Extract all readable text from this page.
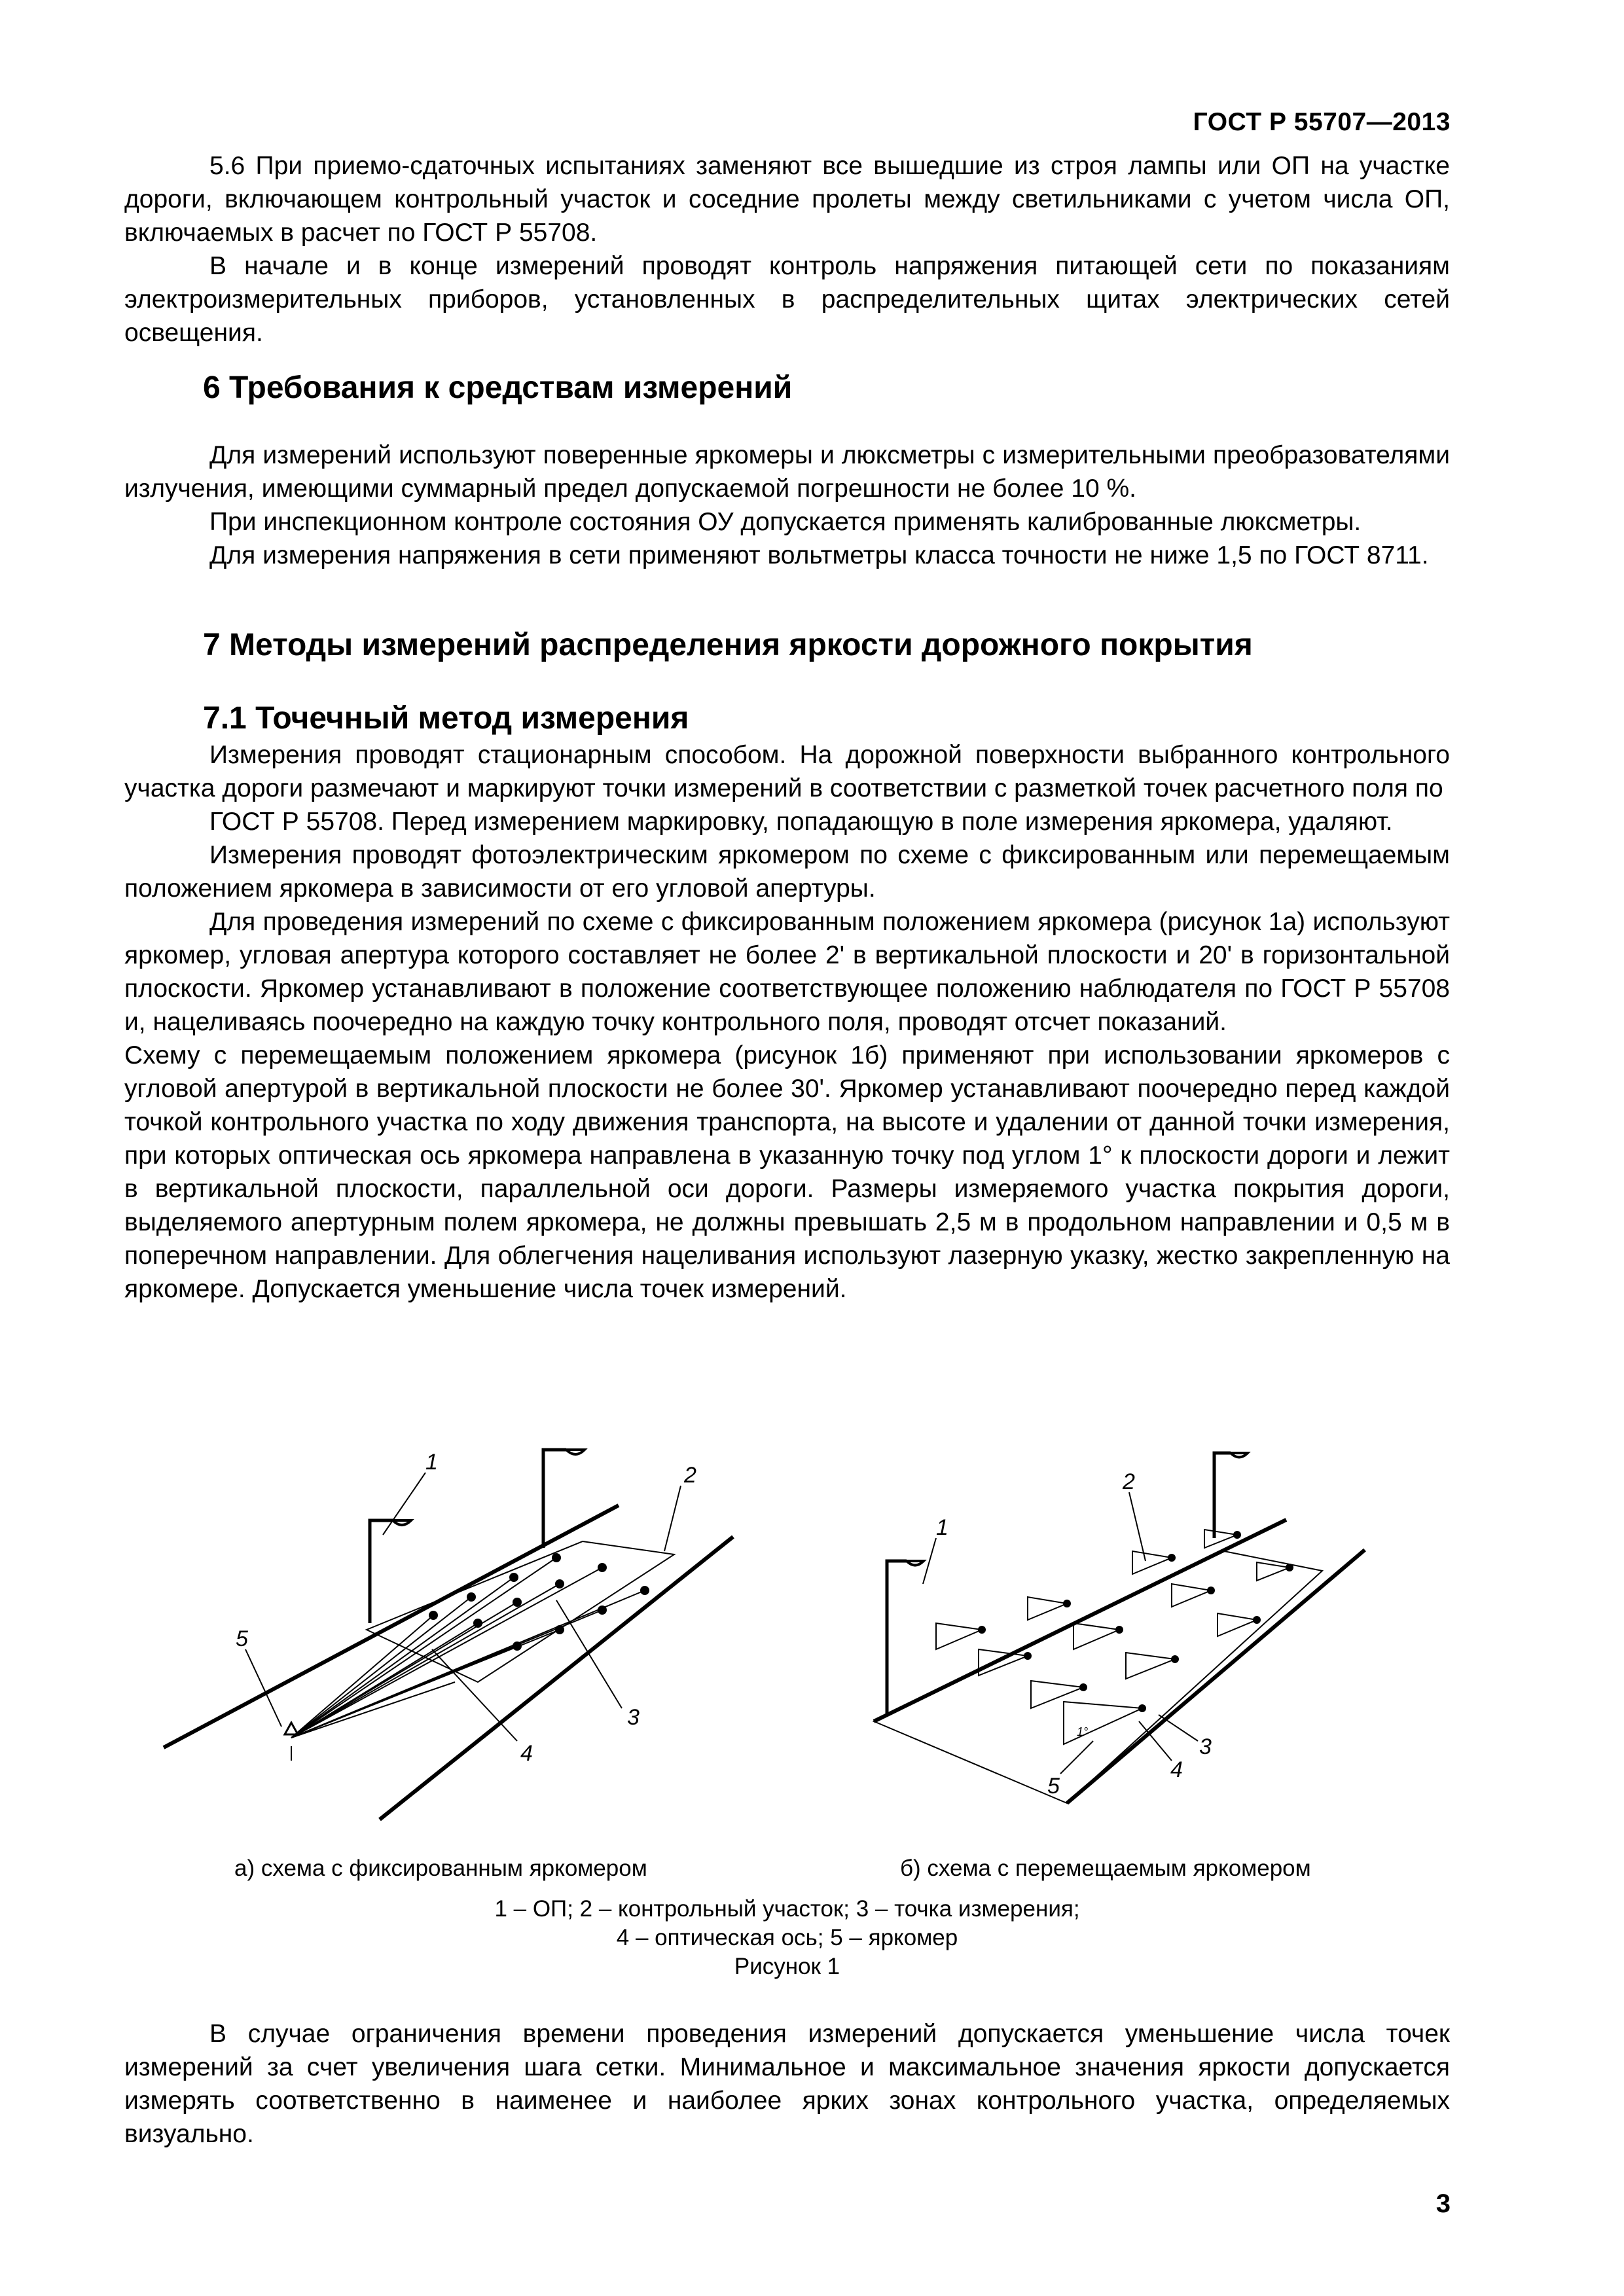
ГОСТ Р 55707—2013

5.6 При приемо-сдаточных испытаниях заменяют все вышедшие из строя лампы или ОП на участке дороги, включающем контрольный участок и соседние пролеты между светильниками с учетом числа ОП, включаемых в расчет по ГОСТ Р 55708.

В начале и в конце измерений проводят контроль напряжения питающей сети по показаниям электроизмерительных приборов, установленных в распределительных щитах электрических сетей освещения.

6 Требования к средствам измерений

Для измерений используют поверенные яркомеры и люксметры с измерительными преобразователями излучения, имеющими суммарный предел допускаемой погрешности не более 10 %.

При инспекционном контроле состояния ОУ допускается применять калиброванные люксметры.

Для измерения напряжения в сети применяют вольтметры класса точности не ниже 1,5 по ГОСТ 8711.

7 Методы измерений распределения яркости дорожного покрытия
7.1 Точечный метод измерения

Измерения проводят стационарным способом. На дорожной поверхности выбранного контрольного участка дороги размечают и маркируют точки измерений в соответствии с разметкой точек расчетного поля по

ГОСТ Р 55708. Перед измерением маркировку, попадающую в поле измерения яркомера, удаляют.

Измерения проводят фотоэлектрическим яркомером по схеме с фиксированным или перемещаемым положением яркомера в зависимости от его угловой апертуры.

Для проведения измерений по схеме с фиксированным положением яркомера (рисунок 1а) используют яркомер, угловая апертура которого составляет не более 2' в вертикальной плоскости и 20' в горизонтальной плоскости. Яркомер устанавливают в положение соответствующее положению наблюдателя по ГОСТ Р 55708 и, нацеливаясь поочередно на каждую точку контрольного поля, проводят отсчет показаний.

Схему с перемещаемым положением яркомера (рисунок 1б) применяют при использовании яркомеров с угловой апертурой в вертикальной плоскости не более 30'. Яркомер устанавливают поочередно перед каждой точкой контрольного участка по ходу движения транспорта, на высоте и удалении от данной точки измерения, при которых оптическая ось яркомера направлена в указанную точку под углом 1° к плоскости дороги и лежит в вертикальной плоскости, параллельной оси дороги. Размеры измеряемого участка покрытия дороги, выделяемого апертурным полем яркомера, не должны превышать 2,5 м в продольном направлении и 0,5 м в поперечном направлении. Для облегчения нацеливания используют лазерную указку, жестко закрепленную на яркомере. Допускается уменьшение числа точек измерений.

1
2
3
4
5
1
2
3
4
5
1°
а) схема с фиксированным яркомером	б) схема с перемещаемым яркомером
1 – ОП; 2 – контрольный участок; 3 – точка измерения;
4 – оптическая ось; 5 – яркомер
Рисунок 1

В случае ограничения времени проведения измерений допускается уменьшение числа точек измерений за счет увеличения шага сетки. Минимальное и максимальное значения яркости допускается измерять соответственно в наименее и наиболее ярких зонах контрольного участка, определяемых визуально.

3
